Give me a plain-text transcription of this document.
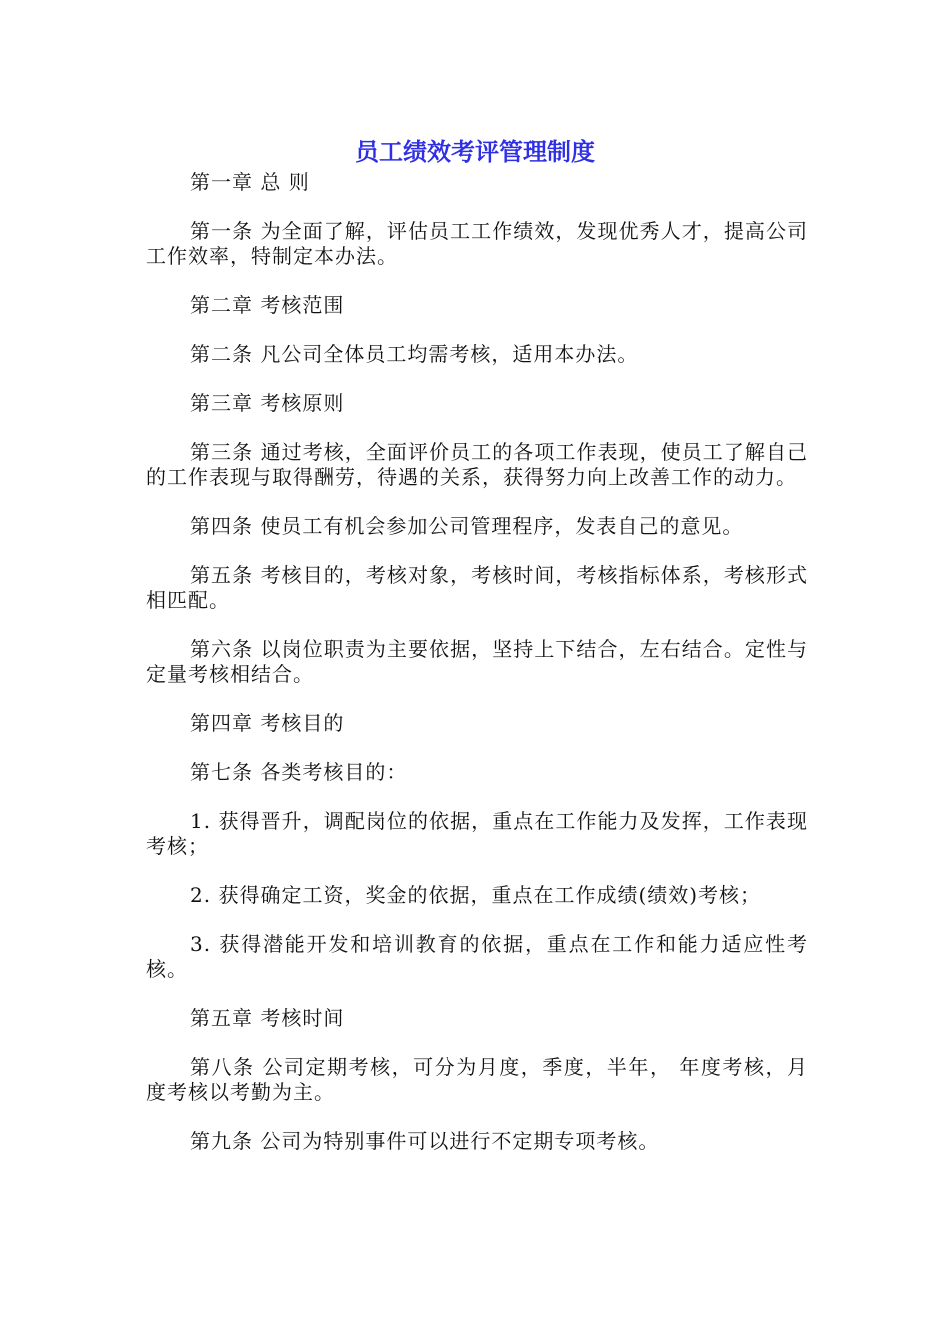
员工绩效考评管理制度

第一章 总 则

第一条 为全面了解，评估员工工作绩效，发现优秀人才，提高公司工作效率，特制定本办法。

第二章 考核范围

第二条 凡公司全体员工均需考核，适用本办法。

第三章 考核原则

第三条 通过考核，全面评价员工的各项工作表现，使员工了解自己的工作表现与取得酬劳，待遇的关系，获得努力向上改善工作的动力。

第四条 使员工有机会参加公司管理程序，发表自己的意见。

第五条 考核目的，考核对象，考核时间，考核指标体系，考核形式相匹配。

第六条 以岗位职责为主要依据，坚持上下结合，左右结合。定性与定量考核相结合。

第四章 考核目的

第七条 各类考核目的：

1. 获得晋升，调配岗位的依据，重点在工作能力及发挥，工作表现考核；

2. 获得确定工资，奖金的依据，重点在工作成绩(绩效)考核；

3. 获得潜能开发和培训教育的依据，重点在工作和能力适应性考核。

第五章 考核时间

第八条 公司定期考核，可分为月度，季度，半年， 年度考核，月度考核以考勤为主。

第九条 公司为特别事件可以进行不定期专项考核。
